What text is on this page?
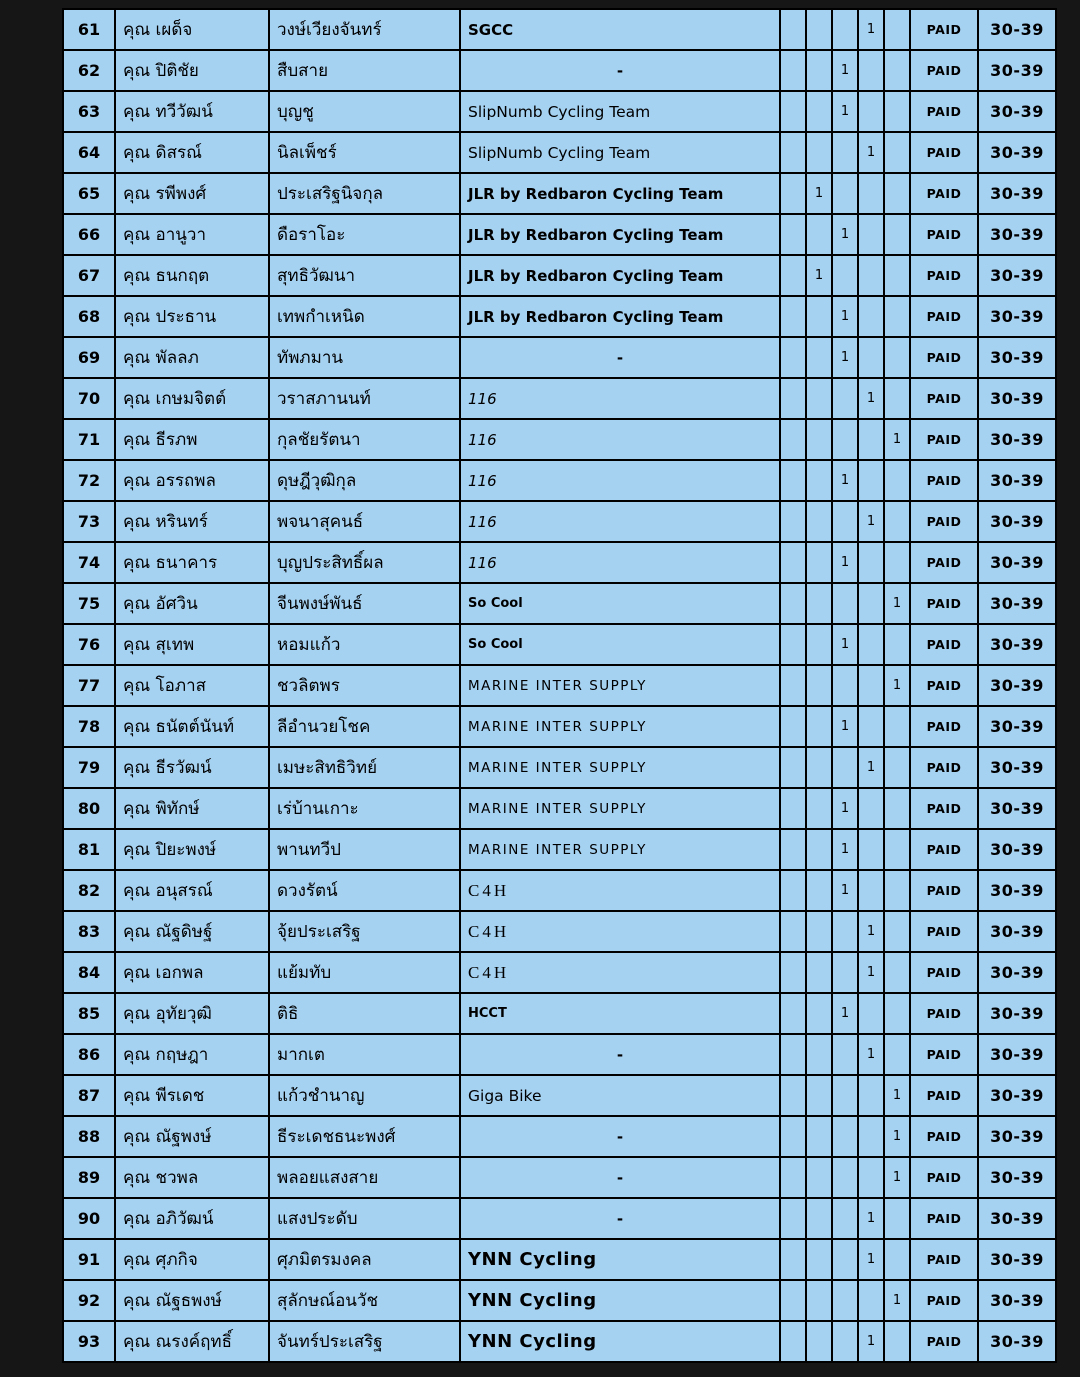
61	คุณ เผด็จ	วงษ์เวียงจันทร์	SGCC				1		PAID	30-39
62	คุณ ปิติชัย	สืบสาย	-			1			PAID	30-39
63	คุณ ทวีวัฒน์	บุญชู	SlipNumb Cycling Team			1			PAID	30-39
64	คุณ ดิสรณ์	นิลเพ็ชร์	SlipNumb Cycling Team				1		PAID	30-39
65	คุณ รพีพงศ์	ประเสริฐนิจกุล	JLR by Redbaron Cycling Team		1				PAID	30-39
66	คุณ อานูวา	ดือราโอะ	JLR by Redbaron Cycling Team			1			PAID	30-39
67	คุณ ธนกฤต	สุทธิวัฒนา	JLR by Redbaron Cycling Team		1				PAID	30-39
68	คุณ ประธาน	เทพกำเหนิด	JLR by Redbaron Cycling Team			1			PAID	30-39
69	คุณ พัลลภ	ทัพภมาน	-			1			PAID	30-39
70	คุณ เกษมจิตต์	วราสภานนท์	116				1		PAID	30-39
71	คุณ ธีรภพ	กุลชัยรัตนา	116					1	PAID	30-39
72	คุณ อรรถพล	ดุษฎีวุฒิกุล	116			1			PAID	30-39
73	คุณ หรินทร์	พจนาสุคนธ์	116				1		PAID	30-39
74	คุณ ธนาคาร	บุญประสิทธิ์ผล	116			1			PAID	30-39
75	คุณ อัศวิน	จีนพงษ์พันธ์	So Cool					1	PAID	30-39
76	คุณ สุเทพ	หอมแก้ว	So Cool			1			PAID	30-39
77	คุณ โอภาส	ชวลิตพร	MARINE INTER SUPPLY					1	PAID	30-39
78	คุณ ธนัตต์นันท์	ลีอำนวยโชค	MARINE INTER SUPPLY			1			PAID	30-39
79	คุณ ธีรวัฒน์	เมษะสิทธิวิทย์	MARINE INTER SUPPLY				1		PAID	30-39
80	คุณ พิทักษ์	เร่บ้านเกาะ	MARINE INTER SUPPLY			1			PAID	30-39
81	คุณ ปิยะพงษ์	พานทวีป	MARINE INTER SUPPLY			1			PAID	30-39
82	คุณ อนุสรณ์	ดวงรัตน์	C4H			1			PAID	30-39
83	คุณ ณัฐดิษฐ์	จุ้ยประเสริฐ	C4H				1		PAID	30-39
84	คุณ เอกพล	แย้มทับ	C4H				1		PAID	30-39
85	คุณ อุทัยวุฒิ	ติธิ	HCCT			1			PAID	30-39
86	คุณ กฤษฎา	มากเต	-				1		PAID	30-39
87	คุณ พีรเดช	แก้วชำนาญ	Giga Bike					1	PAID	30-39
88	คุณ ณัฐพงษ์	ธีระเดชธนะพงศ์	-					1	PAID	30-39
89	คุณ ชวพล	พลอยแสงสาย	-					1	PAID	30-39
90	คุณ อภิวัฒน์	แสงประดับ	-				1		PAID	30-39
91	คุณ ศุภกิจ	ศุภมิตรมงคล	YNN Cycling				1		PAID	30-39
92	คุณ ณัฐธพงษ์	สุลักษณ์อนวัช	YNN Cycling					1	PAID	30-39
93	คุณ ณรงค์ฤทธิ์	จันทร์ประเสริฐ	YNN Cycling				1		PAID	30-39
